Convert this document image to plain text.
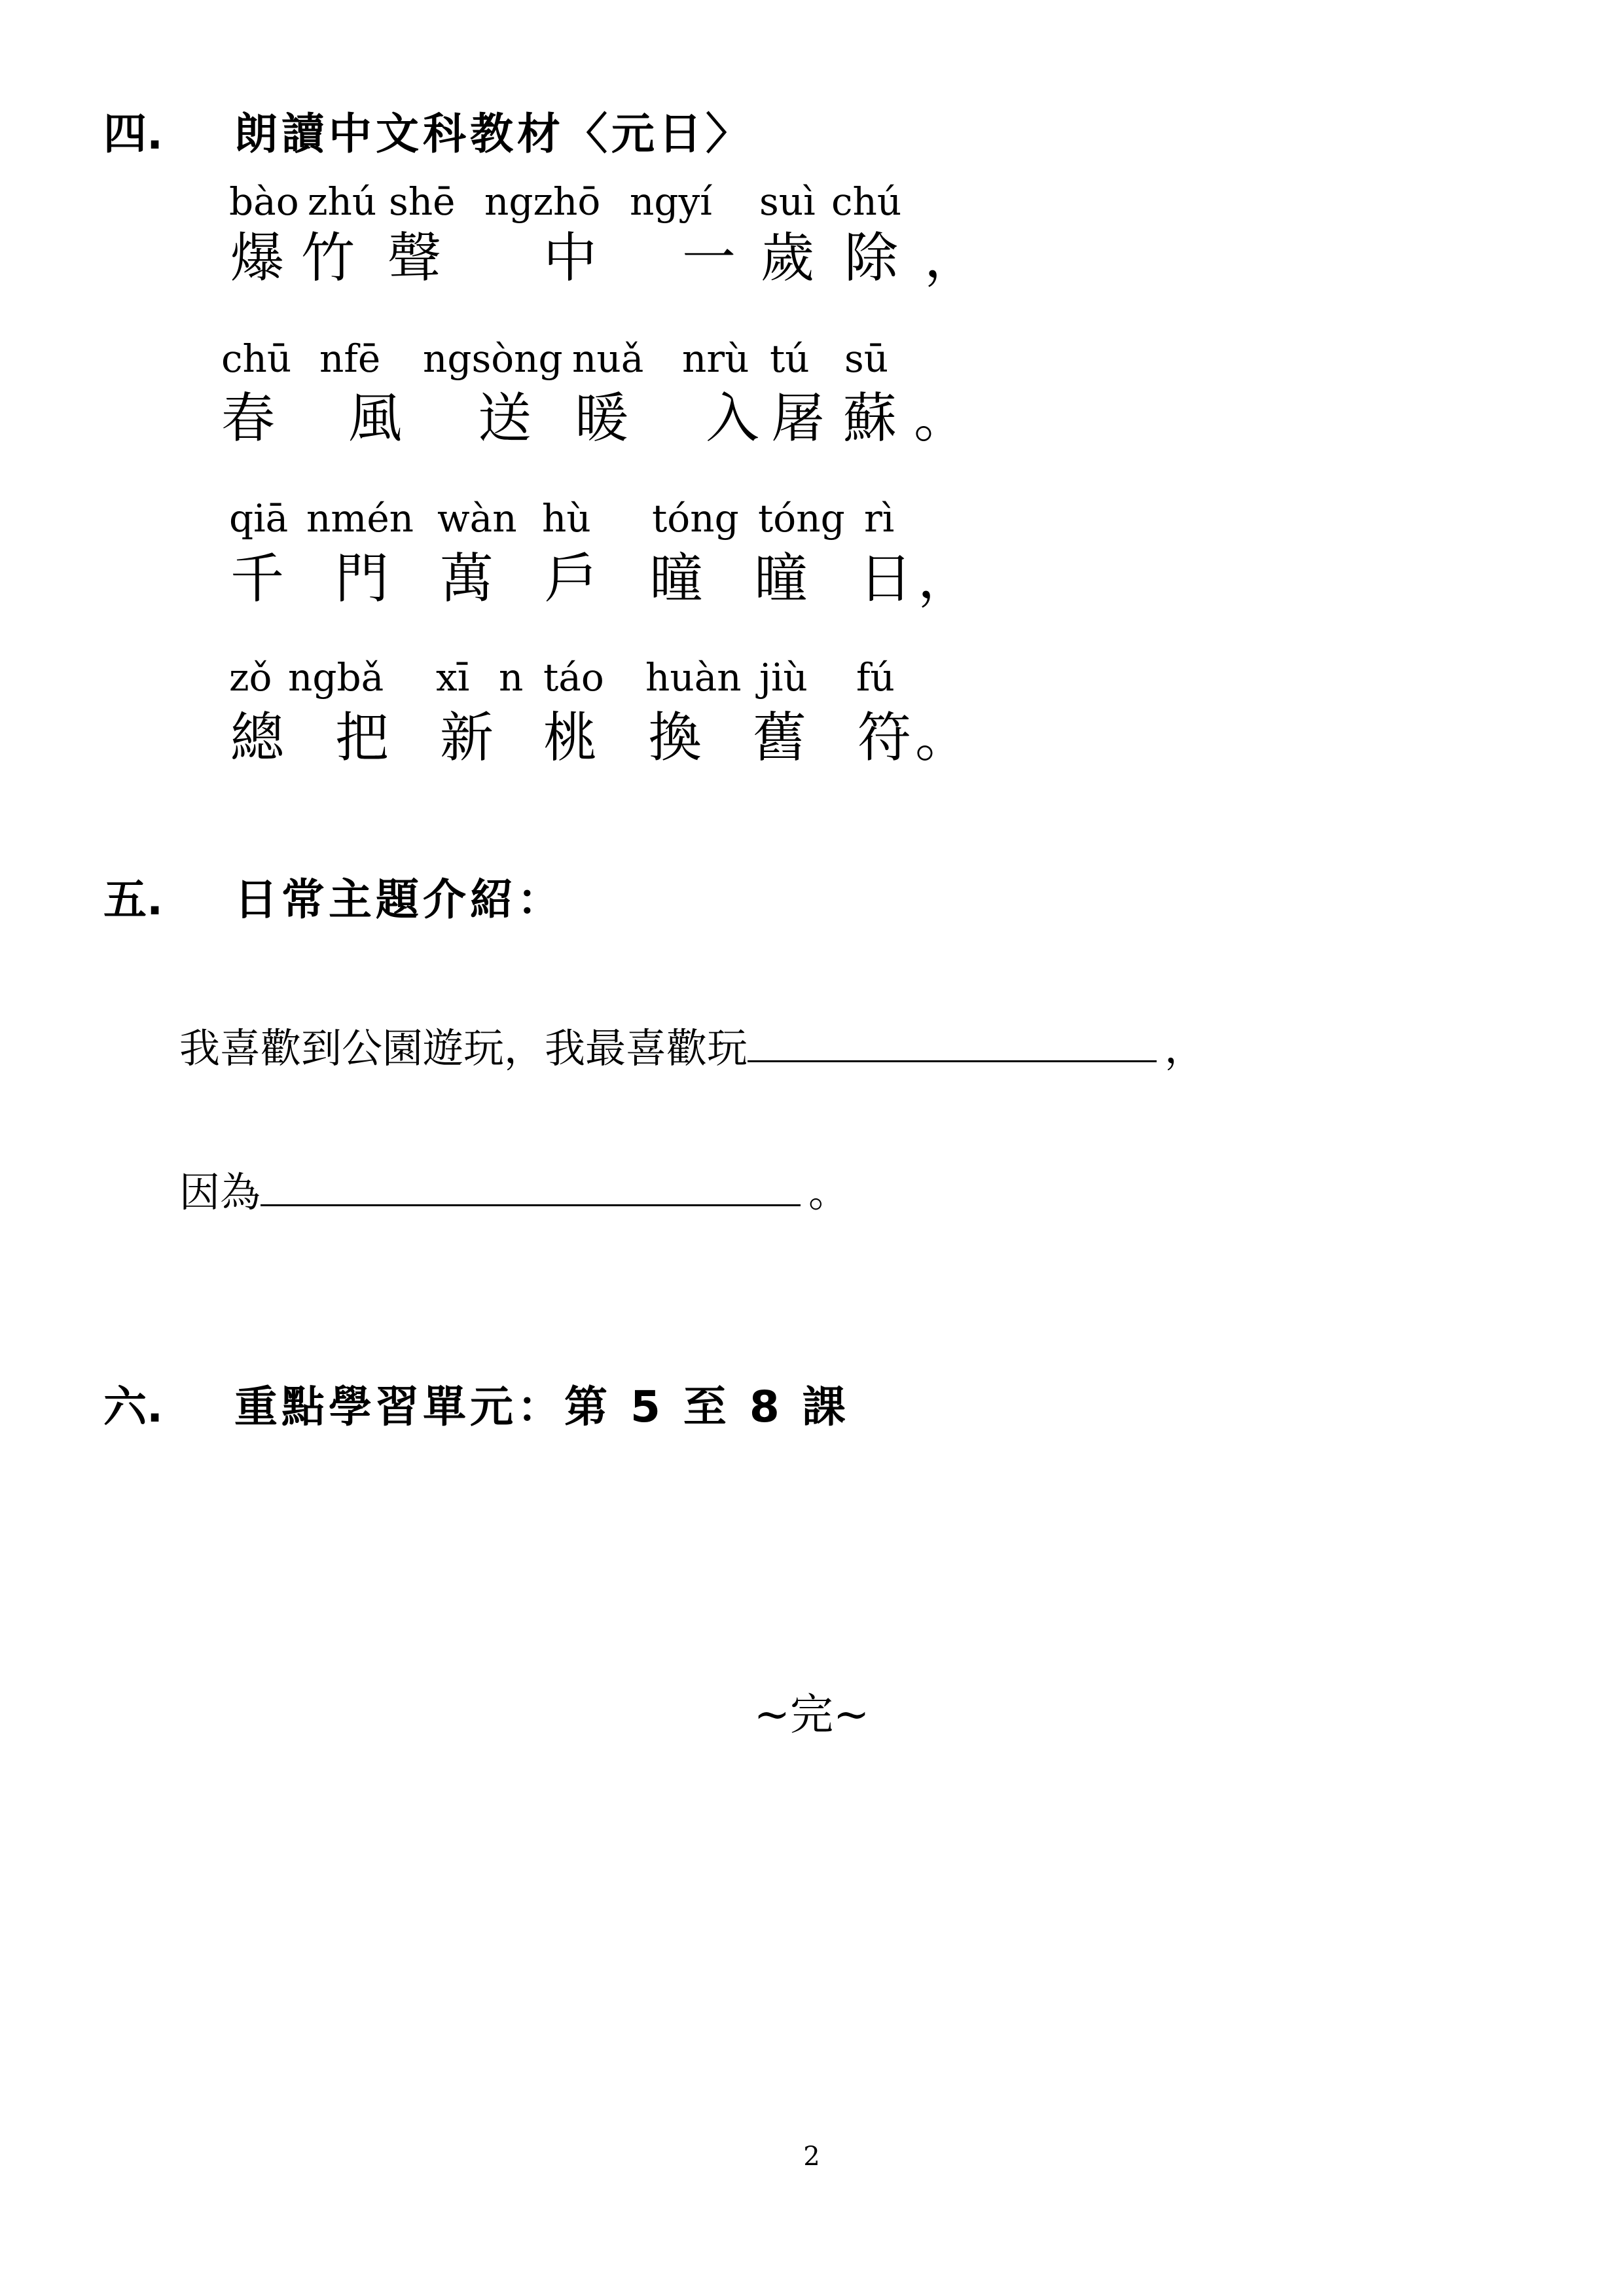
四. 朗讀中文科教材〈元日〉
bào zhú shē ngzhō ngyí suì chú
爆 竹 聲 中 一 歲 除 ，
chū nfē ngsòng nuǎ nrù tú sū
春 風 送 暖 入 屠 蘇 。
qiā nmén wàn hù tóng tóng rì
千 門 萬 戶 曈 曈 日 ，
zǒ ngbǎ xī n táo huàn jiù fú
總 把 新 桃 換 舊 符 。
五. 日常主題介紹：
我喜歡到公園遊玩，我最喜歡玩	，
因為	。
六. 重點學習單元：第 5 至 8 課
~完~
2
